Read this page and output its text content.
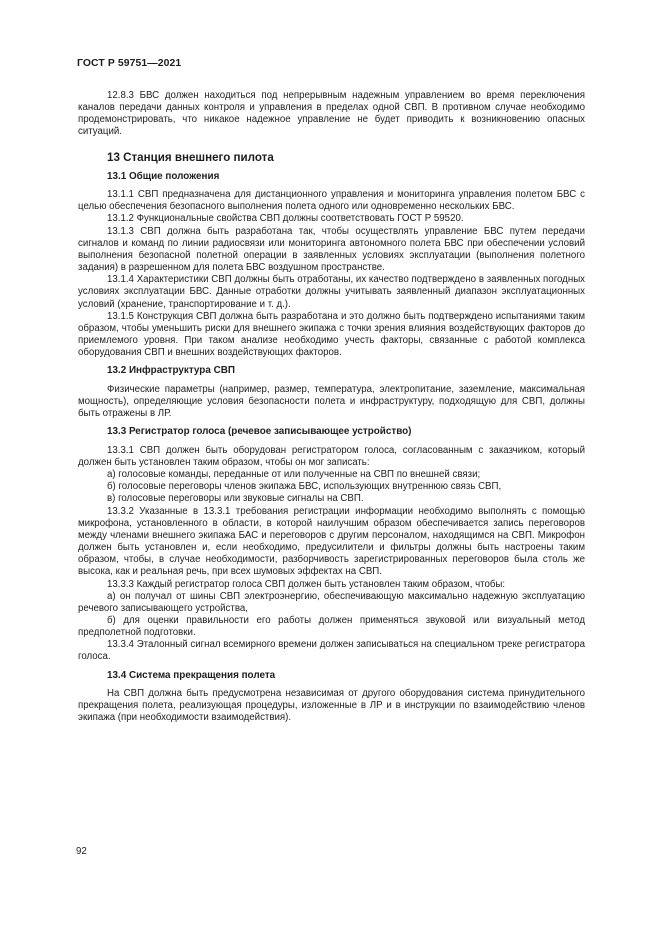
ГОСТ Р 59751—2021

12.8.3 БВС должен находиться под непрерывным надежным управлением во время переключения каналов передачи данных контроля и управления в пределах одной СВП. В противном случае необходимо продемонстрировать, что никакое надежное управление не будет приводить к возникновению опасных ситуаций.

13 Станция внешнего пилота
13.1 Общие положения

13.1.1 СВП предназначена для дистанционного управления и мониторинга управления полетом БВС с целью обеспечения безопасного выполнения полета одного или одновременно нескольких БВС.

13.1.2 Функциональные свойства СВП должны соответствовать ГОСТ Р 59520.

13.1.3 СВП должна быть разработана так, чтобы осуществлять управление БВС путем передачи сигналов и команд по линии радиосвязи или мониторинга автономного полета БВС при обеспечении условий выполнения безопасной полетной операции в заявленных условиях эксплуатации (выполнения полетного задания) в разрешенном для полета БВС воздушном пространстве.

13.1.4 Характеристики СВП должны быть отработаны, их качество подтверждено в заявленных погодных условиях эксплуатации БВС. Данные отработки должны учитывать заявленный диапазон эксплуатационных условий (хранение, транспортирование и т. д.).

13.1.5 Конструкция СВП должна быть разработана и это должно быть подтверждено испытаниями таким образом, чтобы уменьшить риски для внешнего экипажа с точки зрения влияния воздействующих факторов до приемлемого уровня. При таком анализе необходимо учесть факторы, связанные с работой комплекса оборудования СВП и внешних воздействующих факторов.

13.2 Инфраструктура СВП

Физические параметры (например, размер, температура, электропитание, заземление, максимальная мощность), определяющие условия безопасности полета и инфраструктуру, подходящую для СВП, должны быть отражены в ЛР.

13.3 Регистратор голоса (речевое записывающее устройство)

13.3.1 СВП должен быть оборудован регистратором голоса, согласованным с заказчиком, который должен быть установлен таким образом, чтобы он мог записать:

а) голосовые команды, переданные от или полученные на СВП по внешней связи;

б) голосовые переговоры членов экипажа БВС, использующих внутреннюю связь СВП,

в) голосовые переговоры или звуковые сигналы на СВП.

13.3.2 Указанные в 13.3.1 требования регистрации информации необходимо выполнять с помощью микрофона, установленного в области, в которой наилучшим образом обеспечивается запись переговоров между членами внешнего экипажа БАС и переговоров с другим персоналом, находящимся на СВП. Микрофон должен быть установлен и, если необходимо, предусилители и фильтры должны быть настроены таким образом, чтобы, в случае необходимости, разборчивость зарегистрированных переговоров была столь же высока, как и реальная речь, при всех шумовых эффектах на СВП.

13.3.3 Каждый регистратор голоса СВП должен быть установлен таким образом, чтобы:

а) он получал от шины СВП электроэнергию, обеспечивающую максимально надежную эксплуатацию речевого записывающего устройства,

б) для оценки правильности его работы должен применяться звуковой или визуальный метод предполетной подготовки.

13.3.4 Эталонный сигнал всемирного времени должен записываться на специальном треке регистратора голоса.

13.4 Система прекращения полета

На СВП должна быть предусмотрена независимая от другого оборудования система принудительного прекращения полета, реализующая процедуры, изложенные в ЛР и в инструкции по взаимодействию членов экипажа (при необходимости взаимодействия).

92
